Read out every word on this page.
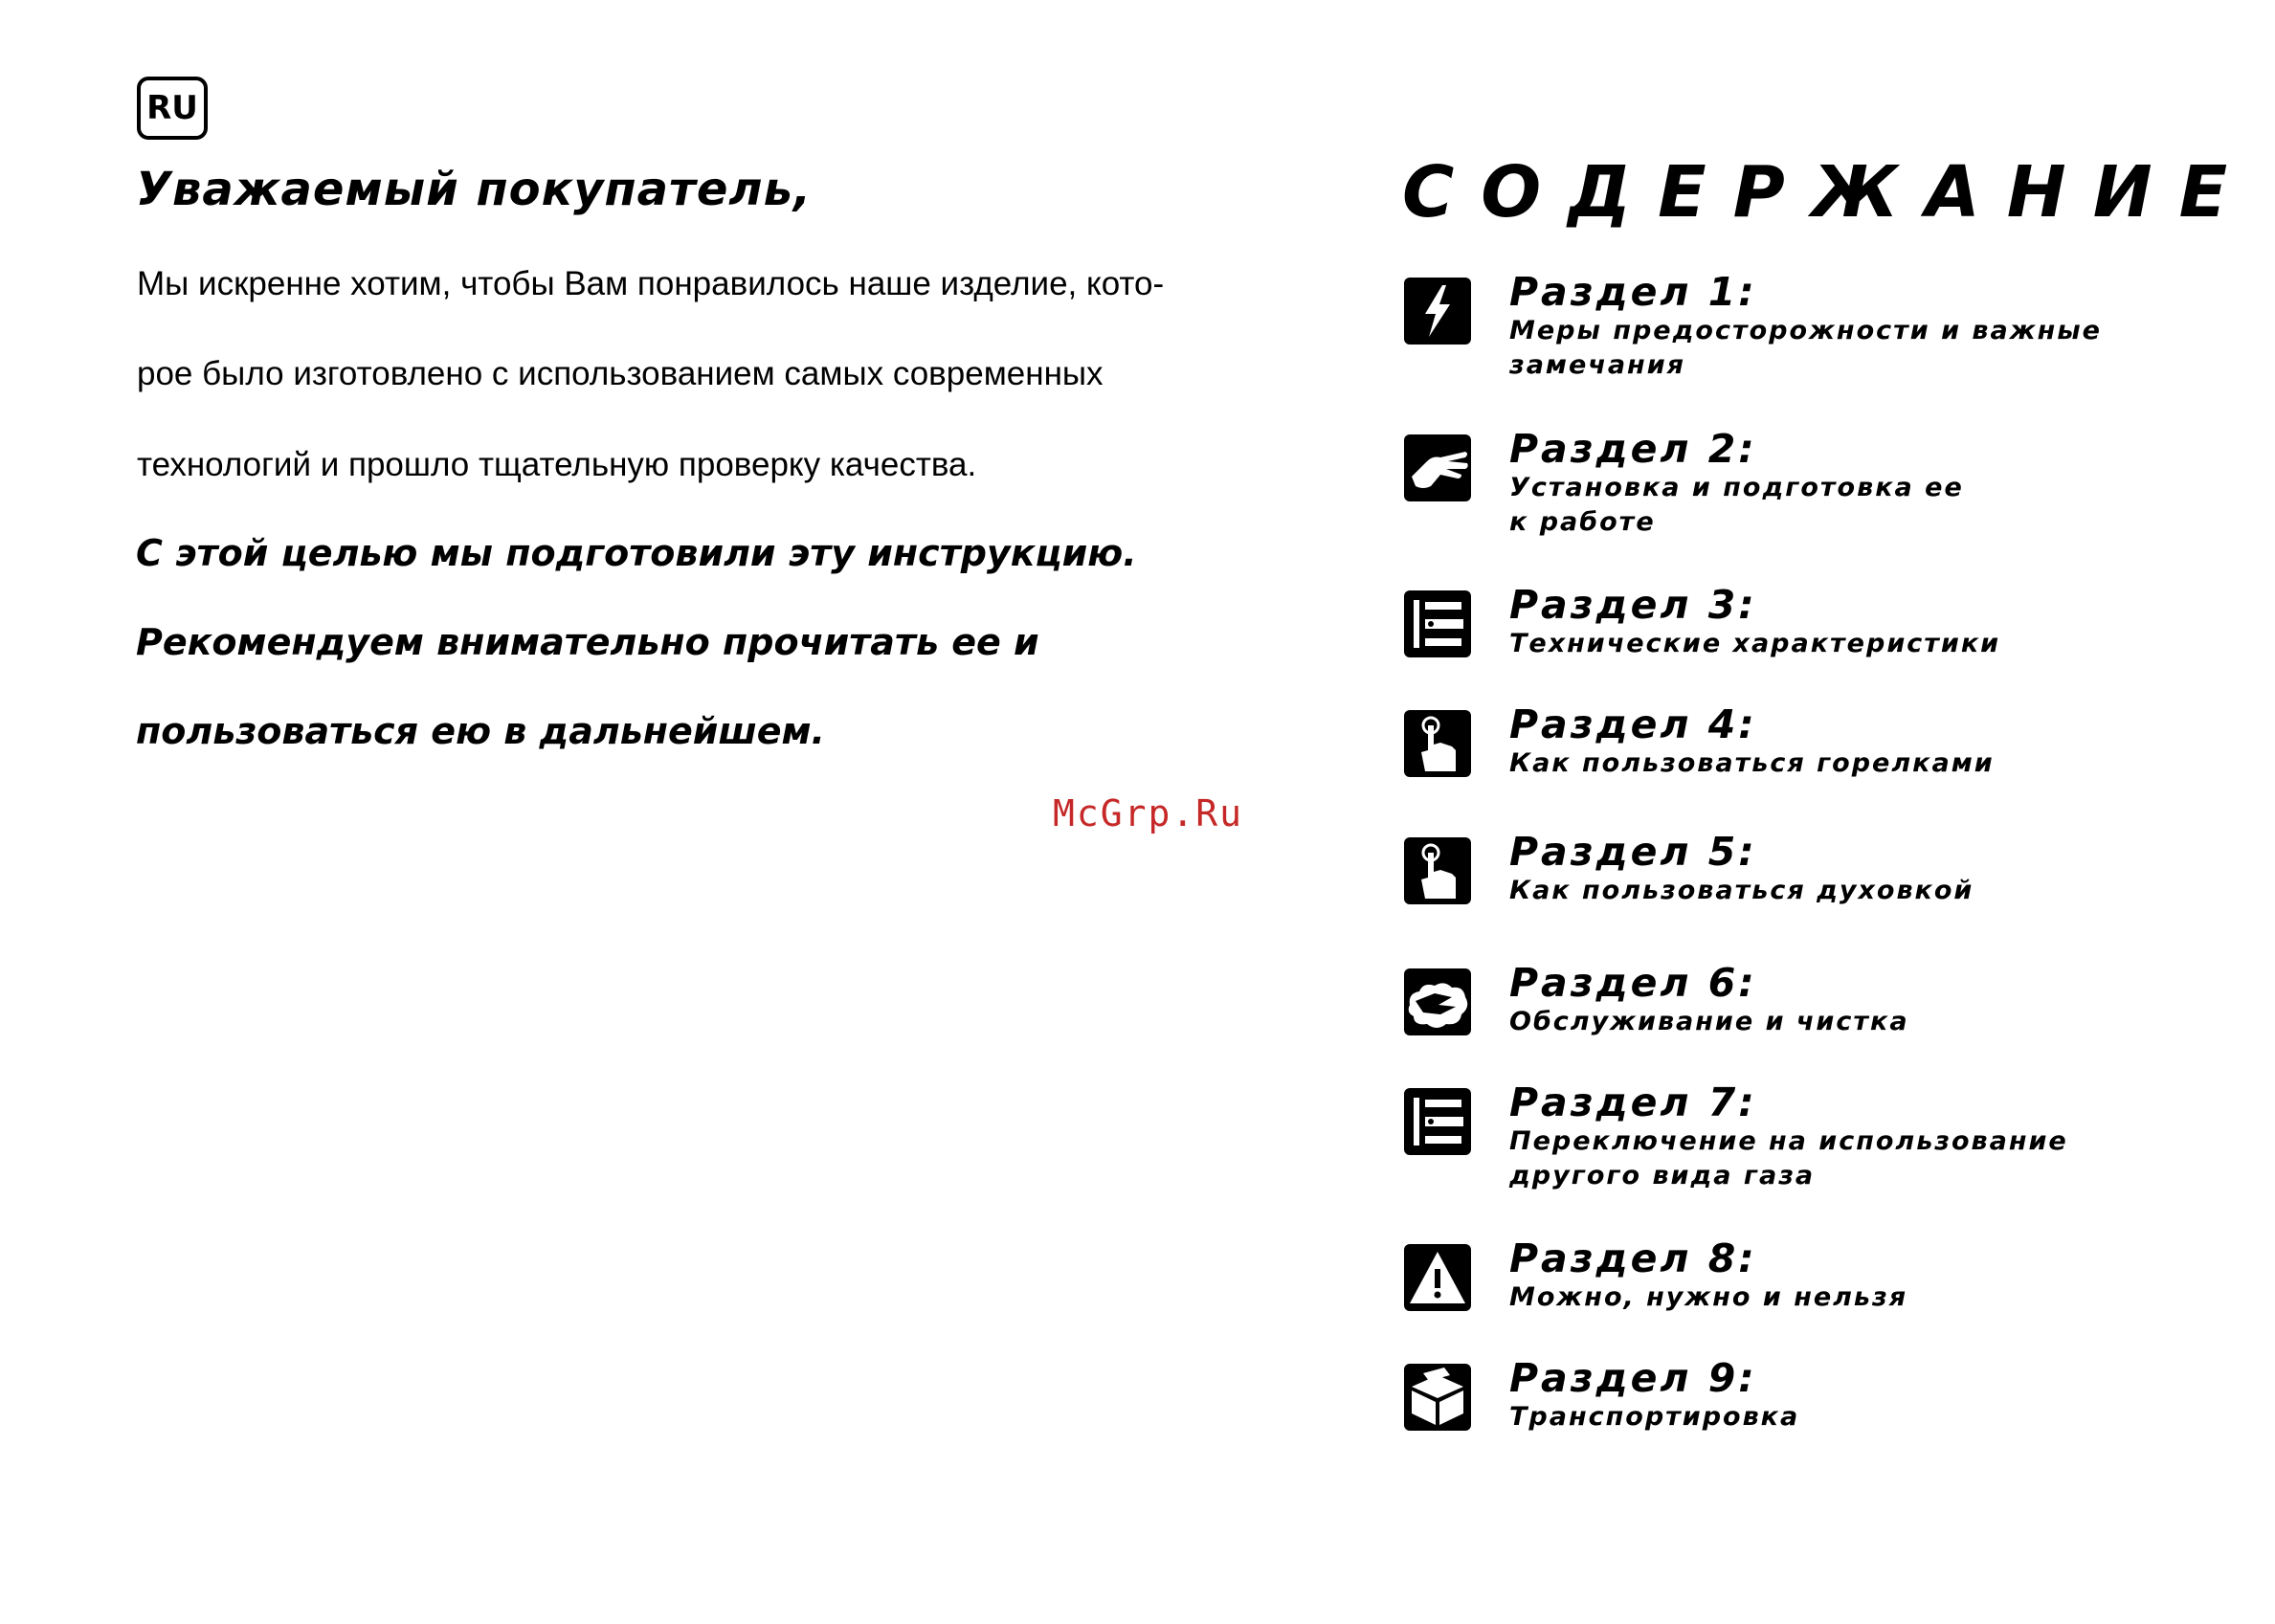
RU
Уважаемый покупатель,

Мы искренне хотим, чтобы Вам понравилось наше изделие, кото-

рое было изготовлено с использованием самых современных

технологий и прошло тщательную проверку качества.

С этой целью мы подготовили эту инструкцию.

Рекомендуем внимательно прочитать ее и

пользоваться ею в дальнейшем.

McGrp.Ru
СОДЕРЖАНИЕ
Раздел 1:
Меры предосторожности и важные
замечания
Раздел 2:
Установка и подготовка ее
к работе
Раздел 3:
Технические характеристики
Раздел 4:
Как пользоваться горелками
Раздел 5:
Как пользоваться духовкой
Раздел 6:
Обслуживание и чистка
Раздел 7:
Переключение на использование
другого вида газа
Раздел 8:
Можно, нужно и нельзя
Раздел 9:
Транспортировка
